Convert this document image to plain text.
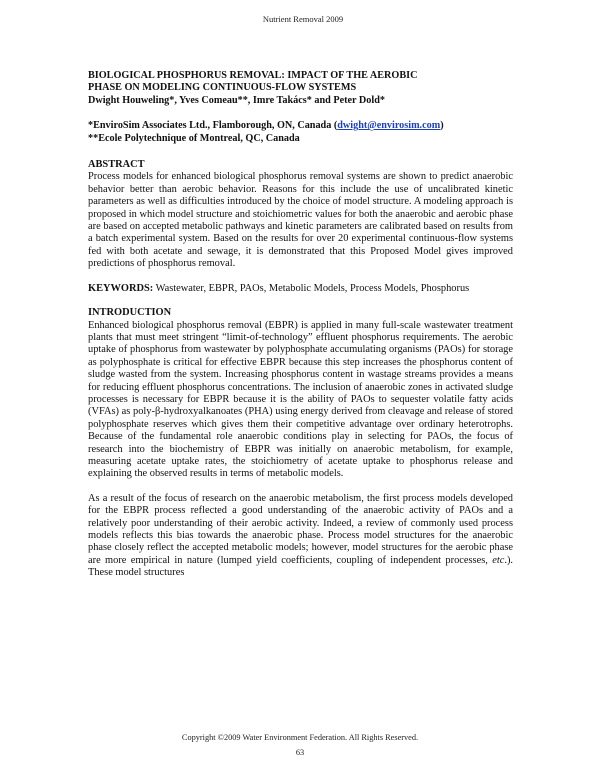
Nutrient Removal 2009
BIOLOGICAL PHOSPHORUS REMOVAL: IMPACT OF THE AEROBIC
PHASE ON MODELING CONTINUOUS-FLOW SYSTEMS
Dwight Houweling*, Yves Comeau**, Imre Takács* and Peter Dold*
*EnviroSim Associates Ltd., Flamborough, ON, Canada (dwight@envirosim.com)
**Ecole Polytechnique of Montreal, QC, Canada
ABSTRACT

Process models for enhanced biological phosphorus removal systems are shown to predict anaerobic behavior better than aerobic behavior. Reasons for this include the use of uncalibrated kinetic parameters as well as difficulties introduced by the choice of model structure. A modeling approach is proposed in which model structure and stoichiometric values for both the anaerobic and aerobic phase are based on accepted metabolic pathways and kinetic parameters are calibrated based on results from a batch experimental system. Based on the results for over 20 experimental continuous-flow systems fed with both acetate and sewage, it is demonstrated that this Proposed Model gives improved predictions of phosphorus removal.

KEYWORDS: Wastewater, EBPR, PAOs, Metabolic Models, Process Models, Phosphorus

INTRODUCTION

Enhanced biological phosphorus removal (EBPR) is applied in many full-scale wastewater treatment plants that must meet stringent “limit-of-technology” effluent phosphorus requirements. The aerobic uptake of phosphorus from wastewater by polyphosphate accumulating organisms (PAOs) for storage as polyphosphate is critical for effective EBPR because this step increases the phosphorus content of sludge wasted from the system. Increasing phosphorus content in wastage streams provides a means for reducing effluent phosphorus concentrations. The inclusion of anaerobic zones in activated sludge processes is necessary for EBPR because it is the ability of PAOs to sequester volatile fatty acids (VFAs) as poly-β-hydroxyalkanoates (PHA) using energy derived from cleavage and release of stored polyphosphate reserves which gives them their competitive advantage over ordinary heterotrophs. Because of the fundamental role anaerobic conditions play in selecting for PAOs, the focus of research into the biochemistry of EBPR was initially on anaerobic metabolism, for example, measuring acetate uptake rates, the stoichiometry of acetate uptake to phosphorus release and explaining the observed results in terms of metabolic models.

As a result of the focus of research on the anaerobic metabolism, the first process models developed for the EBPR process reflected a good understanding of the anaerobic activity of PAOs and a relatively poor understanding of their aerobic activity. Indeed, a review of commonly used process models reflects this bias towards the anaerobic phase. Process model structures for the anaerobic phase closely reflect the accepted metabolic models; however, model structures for the aerobic phase are more empirical in nature (lumped yield coefficients, coupling of independent processes, etc.). These model structures

Copyright ©2009 Water Environment Federation. All Rights Reserved.
63
